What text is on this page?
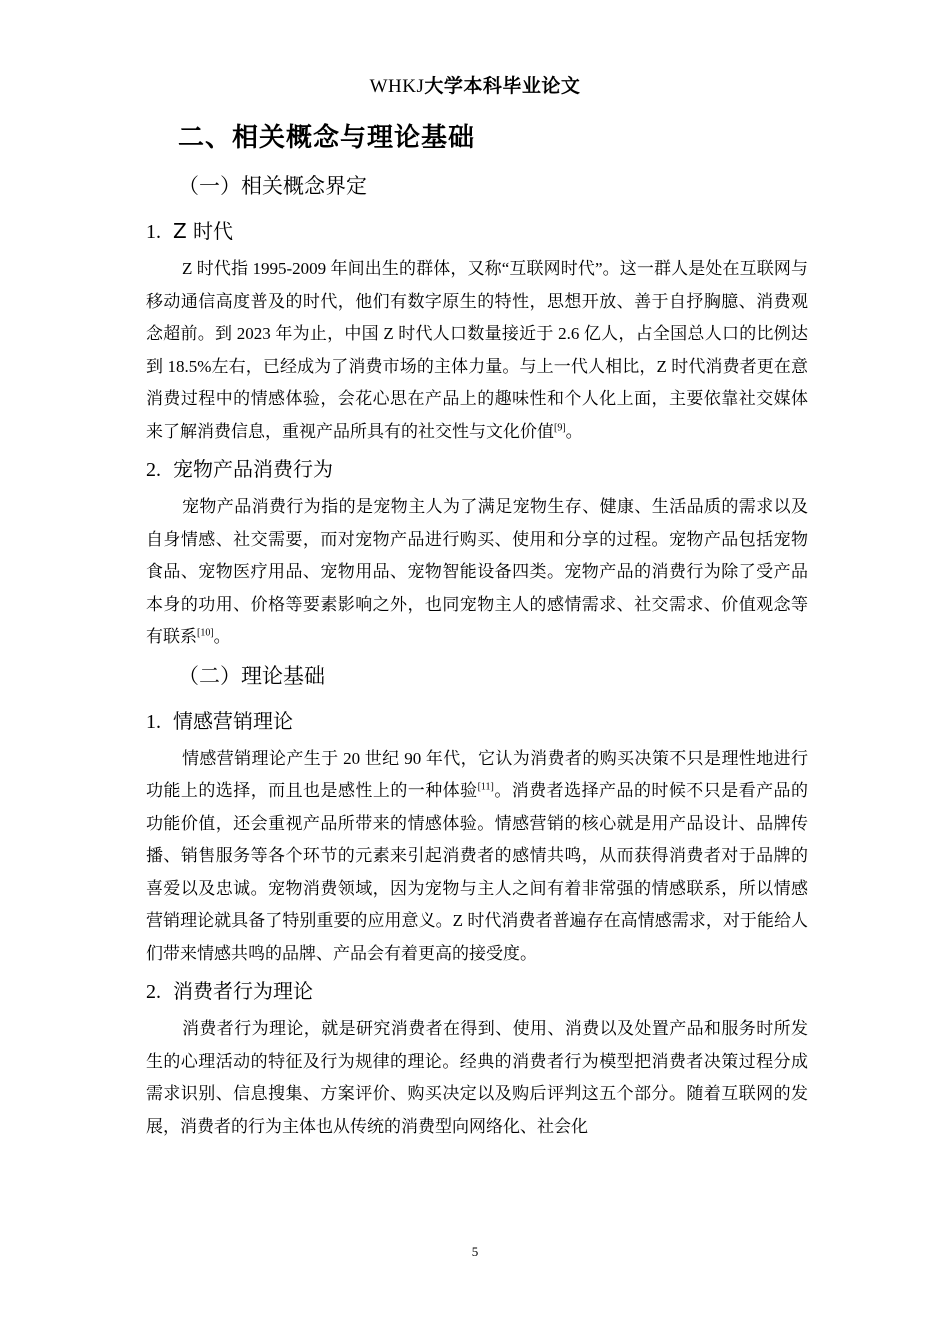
WHKJ大学本科毕业论文
二、相关概念与理论基础
（一）相关概念界定
1. Z 时代

Z 时代指 1995-2009 年间出生的群体，又称“互联网时代”。这一群人是处在互联网与移动通信高度普及的时代，他们有数字原生的特性，思想开放、善于自抒胸臆、消费观念超前。到 2023 年为止，中国 Z 时代人口数量接近于 2.6 亿人，占全国总人口的比例达到 18.5%左右，已经成为了消费市场的主体力量。与上一代人相比，Z 时代消费者更在意消费过程中的情感体验，会花心思在产品上的趣味性和个人化上面，主要依靠社交媒体来了解消费信息，重视产品所具有的社交性与文化价值[9]。

2. 宠物产品消费行为

宠物产品消费行为指的是宠物主人为了满足宠物生存、健康、生活品质的需求以及自身情感、社交需要，而对宠物产品进行购买、使用和分享的过程。宠物产品包括宠物食品、宠物医疗用品、宠物用品、宠物智能设备四类。宠物产品的消费行为除了受产品本身的功用、价格等要素影响之外，也同宠物主人的感情需求、社交需求、价值观念等有联系[10]。

（二）理论基础
1. 情感营销理论

情感营销理论产生于 20 世纪 90 年代，它认为消费者的购买决策不只是理性地进行功能上的选择，而且也是感性上的一种体验[11]。消费者选择产品的时候不只是看产品的功能价值，还会重视产品所带来的情感体验。情感营销的核心就是用产品设计、品牌传播、销售服务等各个环节的元素来引起消费者的感情共鸣，从而获得消费者对于品牌的喜爱以及忠诚。宠物消费领域，因为宠物与主人之间有着非常强的情感联系，所以情感营销理论就具备了特别重要的应用意义。Z 时代消费者普遍存在高情感需求，对于能给人们带来情感共鸣的品牌、产品会有着更高的接受度。

2. 消费者行为理论

消费者行为理论，就是研究消费者在得到、使用、消费以及处置产品和服务时所发生的心理活动的特征及行为规律的理论。经典的消费者行为模型把消费者决策过程分成需求识别、信息搜集、方案评价、购买决定以及购后评判这五个部分。随着互联网的发展，消费者的行为主体也从传统的消费型向网络化、社会化

5
